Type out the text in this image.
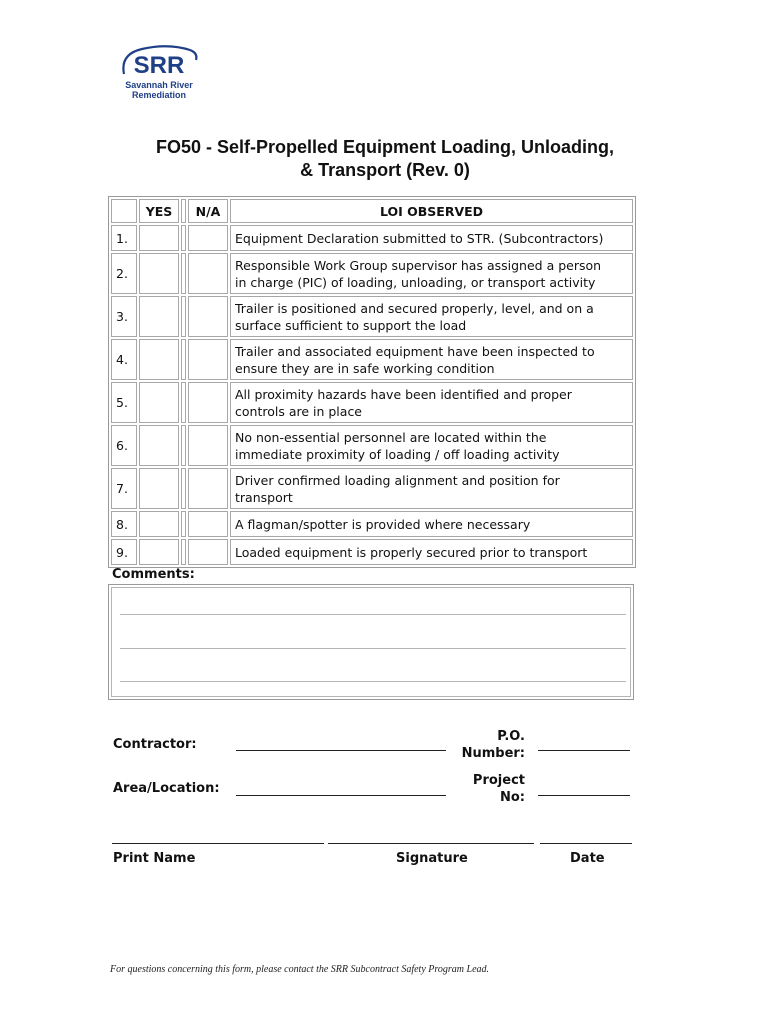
SRR
Savannah River
Remediation
FO50 - Self-Propelled Equipment Loading, Unloading,
& Transport (Rev. 0)
	YES		N/A	LOI OBSERVED
1.				Equipment Declaration submitted to STR. (Subcontractors)
2.				Responsible Work Group supervisor has assigned a person
in charge (PIC) of loading, unloading, or transport activity

3.				Trailer is positioned and secured properly, level, and on a
surface sufficient to support the load

4.				Trailer and associated equipment have been inspected to
ensure they are in safe working condition

5.				All proximity hazards have been identified and proper
controls are in place

6.				No non-essential personnel are located within the
immediate proximity of loading / off loading activity

7.				Driver confirmed loading alignment and position for
transport

8.				A flagman/spotter is provided where necessary
9.				Loaded equipment is properly secured prior to transport
Comments:
Contractor:
P.O.
Number:
Area/Location:
Project
No:
Print Name	Signature	Date
For questions concerning this form, please contact the SRR Subcontract Safety Program Lead.
